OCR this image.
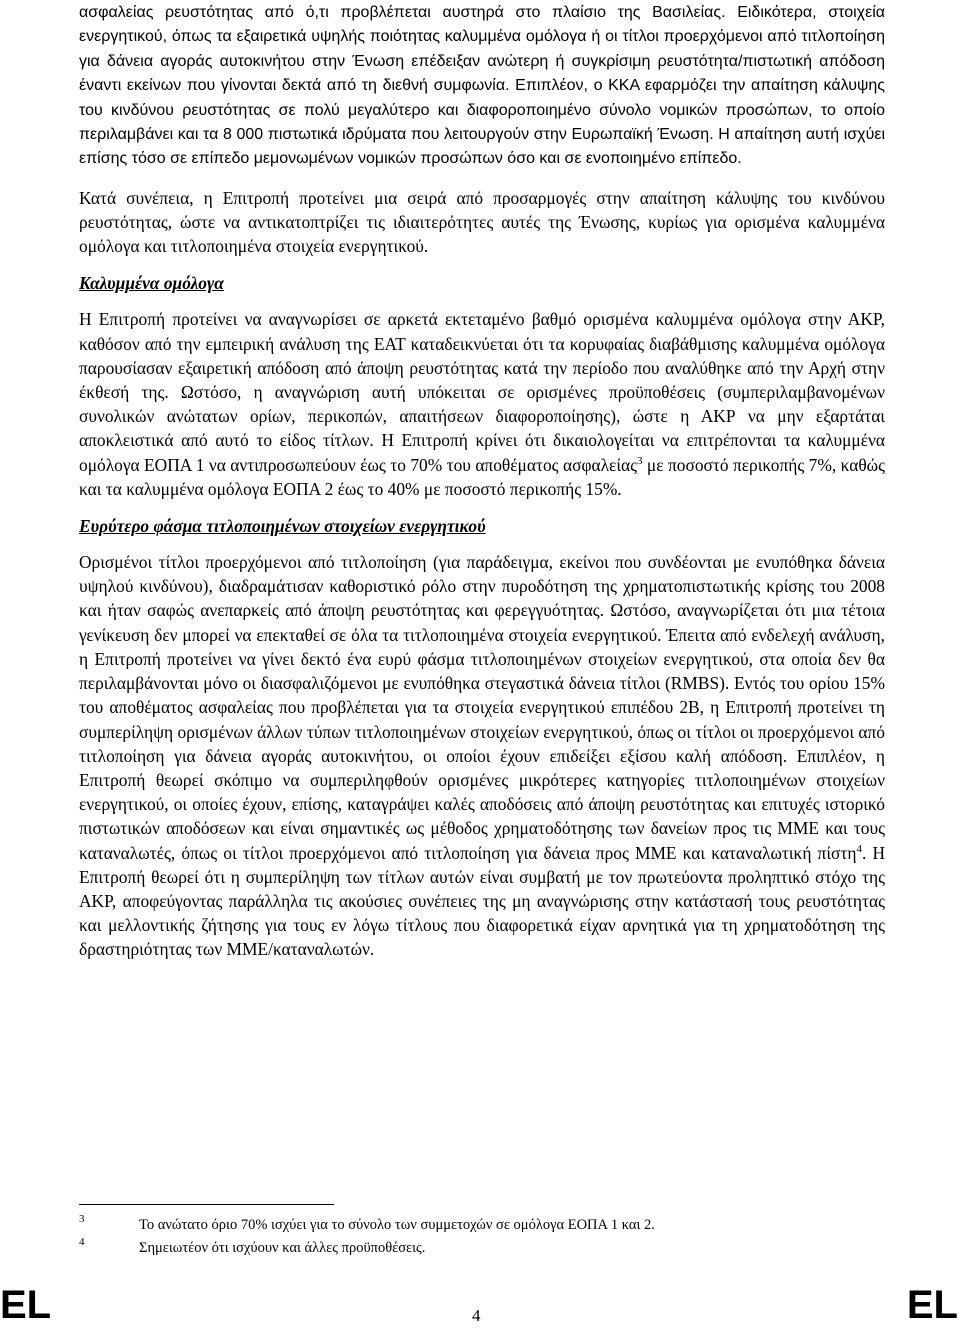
ασφαλείας ρευστότητας από ό,τι προβλέπεται αυστηρά στο πλαίσιο της Βασιλείας. Ειδικότερα, στοιχεία ενεργητικού, όπως τα εξαιρετικά υψηλής ποιότητας καλυμμένα ομόλογα ή οι τίτλοι προερχόμενοι από τιτλοποίηση για δάνεια αγοράς αυτοκινήτου στην Ένωση επέδειξαν ανώτερη ή συγκρίσιμη ρευστότητα/πιστωτική απόδοση έναντι εκείνων που γίνονται δεκτά από τη διεθνή συμφωνία. Επιπλέον, ο ΚΚΑ εφαρμόζει την απαίτηση κάλυψης του κινδύνου ρευστότητας σε πολύ μεγαλύτερο και διαφοροποιημένο σύνολο νομικών προσώπων, το οποίο περιλαμβάνει και τα 8 000 πιστωτικά ιδρύματα που λειτουργούν στην Ευρωπαϊκή Ένωση. Η απαίτηση αυτή ισχύει επίσης τόσο σε επίπεδο μεμονωμένων νομικών προσώπων όσο και σε ενοποιημένο επίπεδο.

Κατά συνέπεια, η Επιτροπή προτείνει μια σειρά από προσαρμογές στην απαίτηση κάλυψης του κινδύνου ρευστότητας, ώστε να αντικατοπτρίζει τις ιδιαιτερότητες αυτές της Ένωσης, κυρίως για ορισμένα καλυμμένα ομόλογα και τιτλοποιημένα στοιχεία ενεργητικού.

Καλυμμένα ομόλογα

Η Επιτροπή προτείνει να αναγνωρίσει σε αρκετά εκτεταμένο βαθμό ορισμένα καλυμμένα ομόλογα στην ΑΚΡ, καθόσον από την εμπειρική ανάλυση της ΕΑΤ καταδεικνύεται ότι τα κορυφαίας διαβάθμισης καλυμμένα ομόλογα παρουσίασαν εξαιρετική απόδοση από άποψη ρευστότητας κατά την περίοδο που αναλύθηκε από την Αρχή στην έκθεσή της. Ωστόσο, η αναγνώριση αυτή υπόκειται σε ορισμένες προϋποθέσεις (συμπεριλαμβανομένων συνολικών ανώτατων ορίων, περικοπών, απαιτήσεων διαφοροποίησης), ώστε η ΑΚΡ να μην εξαρτάται αποκλειστικά από αυτό το είδος τίτλων. Η Επιτροπή κρίνει ότι δικαιολογείται να επιτρέπονται τα καλυμμένα ομόλογα ΕΟΠΑ 1 να αντιπροσωπεύουν έως το 70% του αποθέματος ασφαλείας$^3$ με ποσοστό περικοπής 7%, καθώς και τα καλυμμένα ομόλογα ΕΟΠΑ 2 έως το 40% με ποσοστό περικοπής 15%.

Ευρύτερο φάσμα τιτλοποιημένων στοιχείων ενεργητικού

Ορισμένοι τίτλοι προερχόμενοι από τιτλοποίηση (για παράδειγμα, εκείνοι που συνδέονται με ενυπόθηκα δάνεια υψηλού κινδύνου), διαδραμάτισαν καθοριστικό ρόλο στην πυροδότηση της χρηματοπιστωτικής κρίσης του 2008 και ήταν σαφώς ανεπαρκείς από άποψη ρευστότητας και φερεγγυότητας. Ωστόσο, αναγνωρίζεται ότι μια τέτοια γενίκευση δεν μπορεί να επεκταθεί σε όλα τα τιτλοποιημένα στοιχεία ενεργητικού. Έπειτα από ενδελεχή ανάλυση, η Επιτροπή προτείνει να γίνει δεκτό ένα ευρύ φάσμα τιτλοποιημένων στοιχείων ενεργητικού, στα οποία δεν θα περιλαμβάνονται μόνο οι διασφαλιζόμενοι με ενυπόθηκα στεγαστικά δάνεια τίτλοι (RMBS). Εντός του ορίου 15% του αποθέματος ασφαλείας που προβλέπεται για τα στοιχεία ενεργητικού επιπέδου 2Β, η Επιτροπή προτείνει τη συμπερίληψη ορισμένων άλλων τύπων τιτλοποιημένων στοιχείων ενεργητικού, όπως οι τίτλοι οι προερχόμενοι από τιτλοποίηση για δάνεια αγοράς αυτοκινήτου, οι οποίοι έχουν επιδείξει εξίσου καλή απόδοση. Επιπλέον, η Επιτροπή θεωρεί σκόπιμο να συμπεριληφθούν ορισμένες μικρότερες κατηγορίες τιτλοποιημένων στοιχείων ενεργητικού, οι οποίες έχουν, επίσης, καταγράψει καλές αποδόσεις από άποψη ρευστότητας και επιτυχές ιστορικό πιστωτικών αποδόσεων και είναι σημαντικές ως μέθοδος χρηματοδότησης των δανείων προς τις ΜΜΕ και τους καταναλωτές, όπως οι τίτλοι προερχόμενοι από τιτλοποίηση για δάνεια προς ΜΜΕ και καταναλωτική πίστη$^4$. Η Επιτροπή θεωρεί ότι η συμπερίληψη των τίτλων αυτών είναι συμβατή με τον πρωτεύοντα προληπτικό στόχο της ΑΚΡ, αποφεύγοντας παράλληλα τις ακούσιες συνέπειες της μη αναγνώρισης στην κατάστασή τους ρευστότητας και μελλοντικής ζήτησης για τους εν λόγω τίτλους που διαφορετικά είχαν αρνητικά για τη χρηματοδότηση της δραστηριότητας των ΜΜΕ/καταναλωτών.

3	Το ανώτατο όριο 70% ισχύει για το σύνολο των συμμετοχών σε ομόλογα ΕΟΠΑ 1 και 2.
4	Σημειωτέον ότι ισχύουν και άλλες προϋποθέσεις.
EL	4	EL
